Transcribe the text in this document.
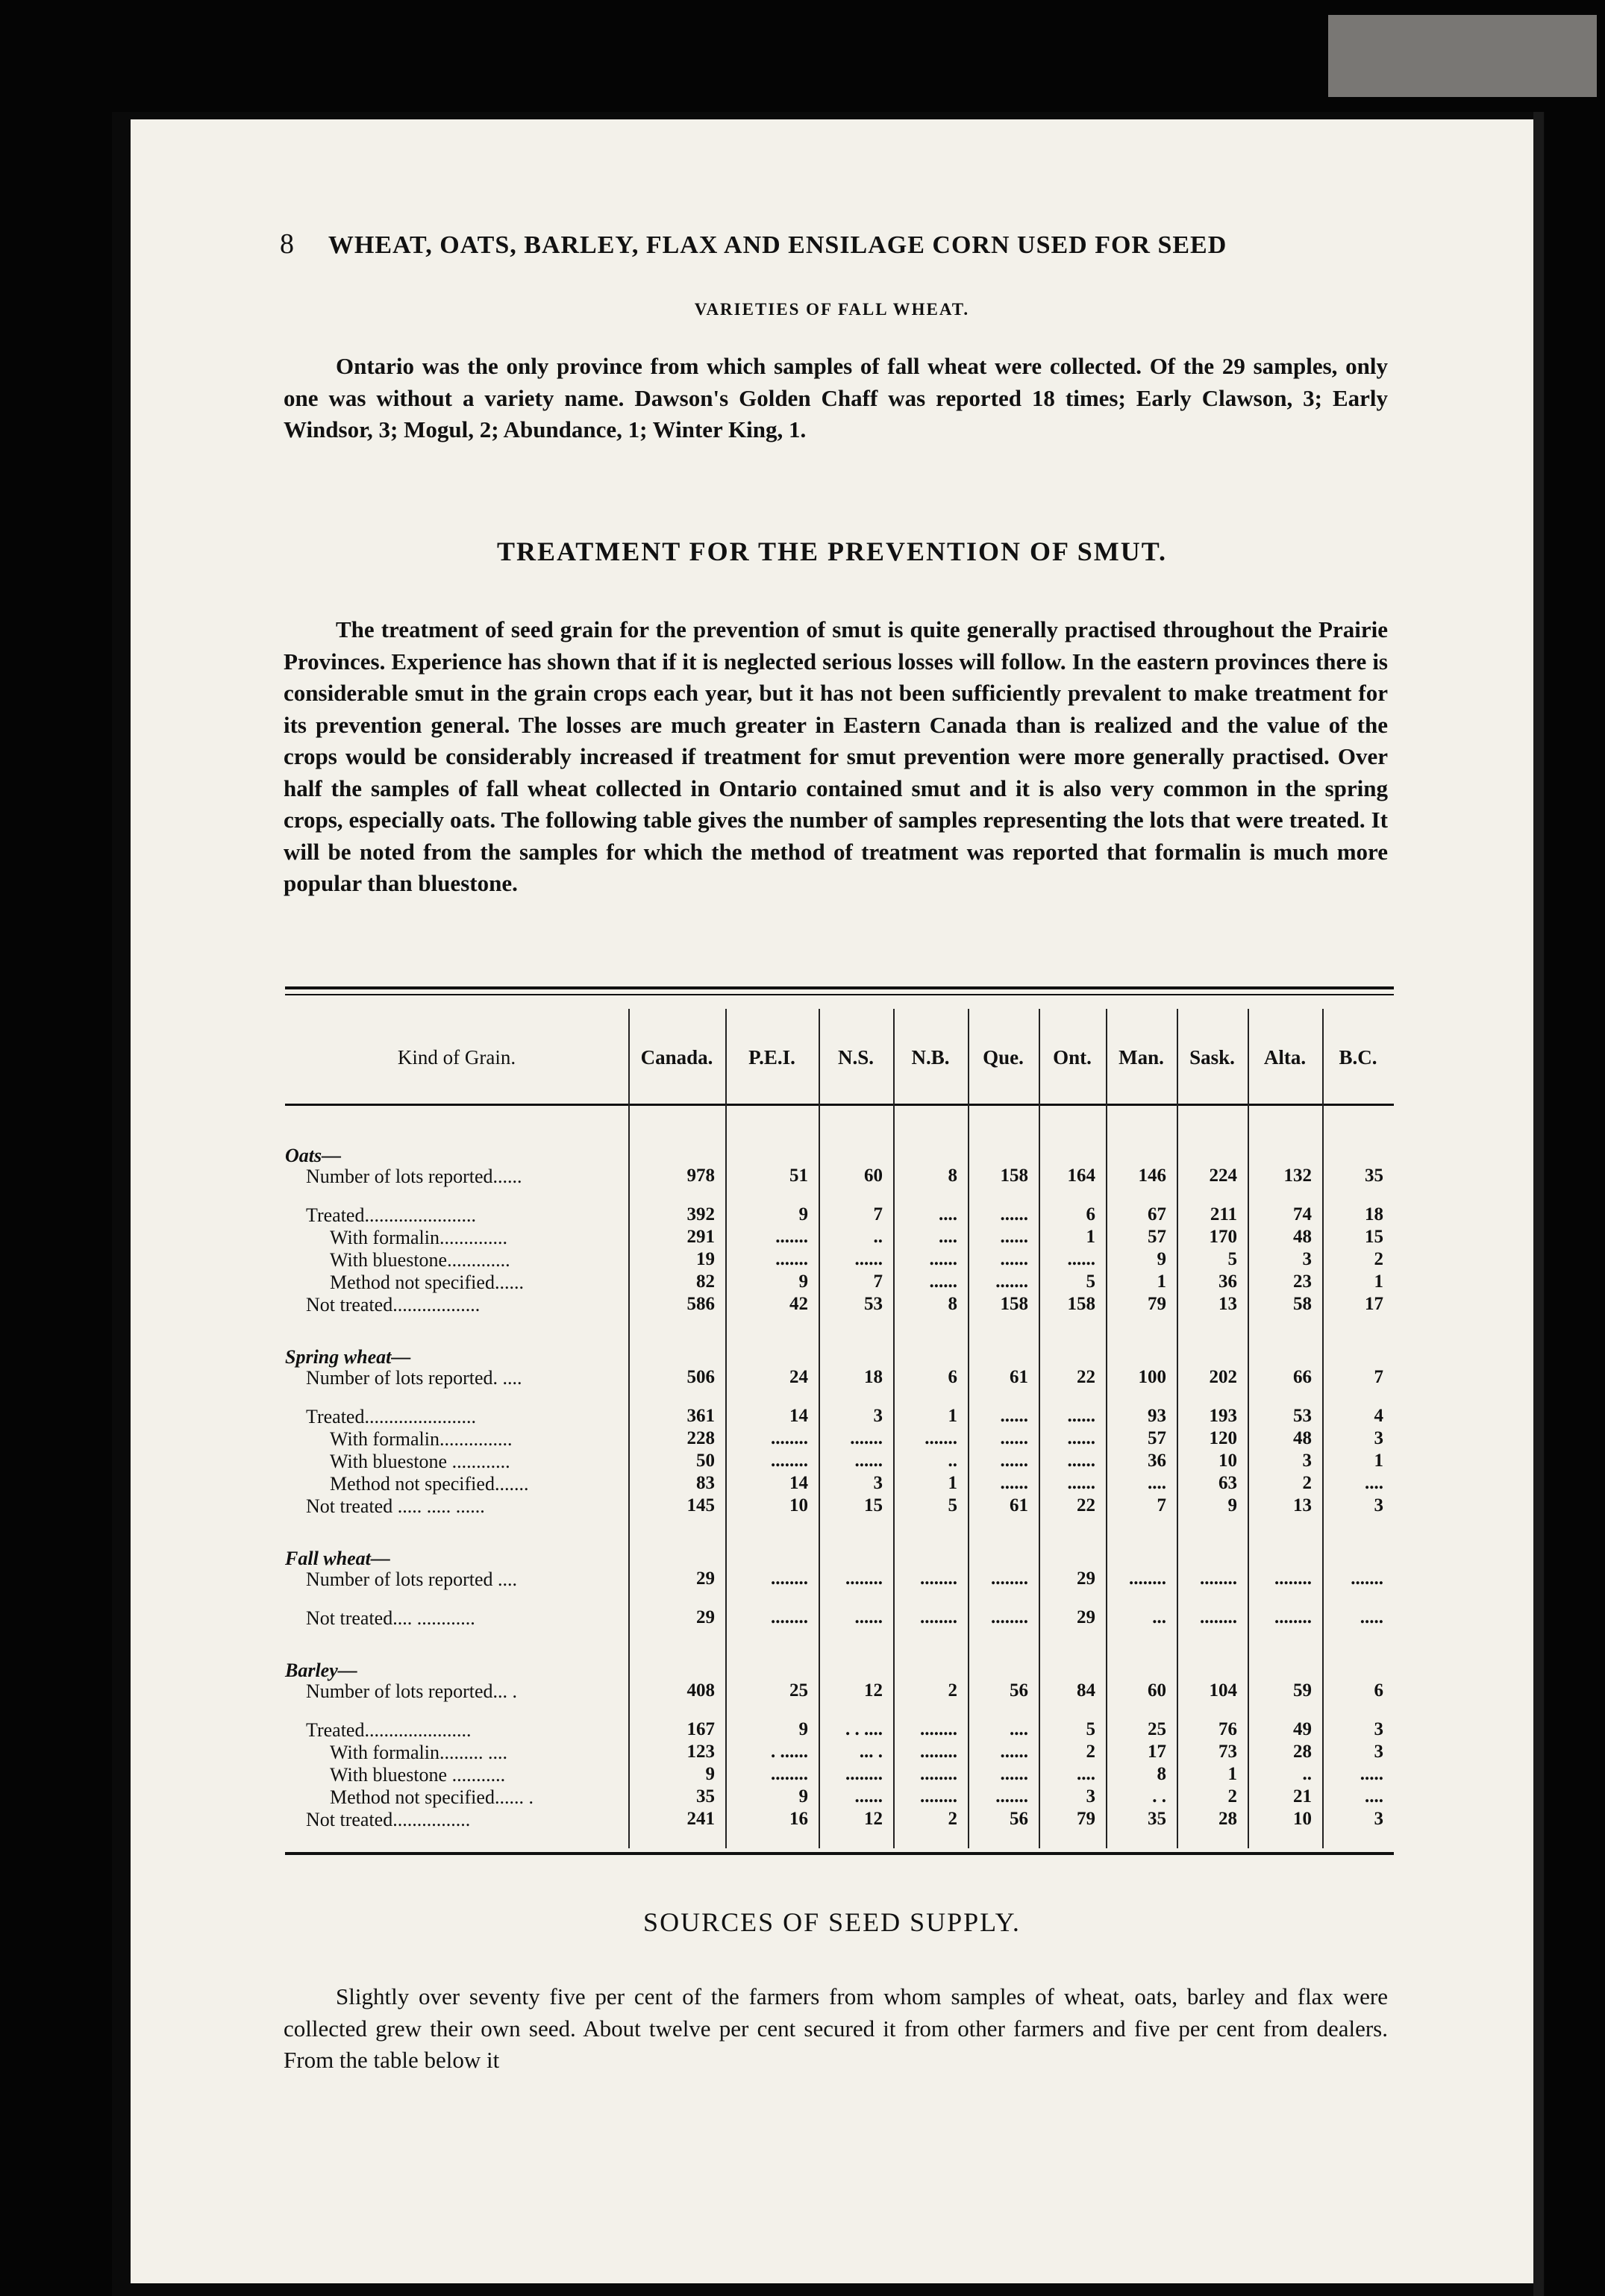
8 WHEAT, OATS, BARLEY, FLAX AND ENSILAGE CORN USED FOR SEED
VARIETIES OF FALL WHEAT.

Ontario was the only province from which samples of fall wheat were collected. Of the 29 samples, only one was without a variety name. Dawson's Golden Chaff was reported 18 times; Early Clawson, 3; Early Windsor, 3; Mogul, 2; Abundance, 1; Winter King, 1.

TREATMENT FOR THE PREVENTION OF SMUT.

The treatment of seed grain for the prevention of smut is quite generally practised throughout the Prairie Provinces. Experience has shown that if it is neglected serious losses will follow. In the eastern provinces there is considerable smut in the grain crops each year, but it has not been sufficiently prevalent to make treatment for its prevention general. The losses are much greater in Eastern Canada than is realized and the value of the crops would be considerably increased if treatment for smut prevention were more generally practised. Over half the samples of fall wheat collected in Ontario contained smut and it is also very common in the spring crops, especially oats. The following table gives the number of samples representing the lots that were treated. It will be noted from the samples for which the method of treatment was reported that formalin is much more popular than bluestone.

Kind of Grain.	Canada.	P.E.I.	N.S.	N.B.	Que.	Ont.	Man.	Sask.	Alta.	B.C.
Oats—
Number of lots reported......	978	51	60	8	158	164	146	224	132	35
Treated.......................	392	9	7	....	......	6	67	211	74	18
With formalin..............	291	.......	..	....	......	1	57	170	48	15
With bluestone.............	19	.......	......	......	......	......	9	5	3	2
Method not specified......	82	9	7	......	.......	5	1	36	23	1
Not treated..................	586	42	53	8	158	158	79	13	58	17
Spring wheat—
Number of lots reported. ....	506	24	18	6	61	22	100	202	66	7
Treated.......................	361	14	3	1	......	......	93	193	53	4
With formalin...............	228	........	.......	.......	......	......	57	120	48	3
With bluestone ............	50	........	......	..	......	......	36	10	3	1
Method not specified.......	83	14	3	1	......	......	....	63	2	....
Not treated ..... ..... ......	145	10	15	5	61	22	7	9	13	3
Fall wheat—
Number of lots reported ....	29	........	........	........	........	29	........	........	........	.......
Not treated.... ............	29	........	......	........	........	29	...	........	........	.....
Barley—
Number of lots reported... .	408	25	12	2	56	84	60	104	59	6
Treated......................	167	9	. . ....	........	....	5	25	76	49	3
With formalin......... ....	123	. ......	... .	........	......	2	17	73	28	3
With bluestone ...........	9	........	........	........	......	....	8	1	..	.....
Method not specified...... .	35	9	......	........	.......	3	. .	2	21	....
Not treated................	241	16	12	2	56	79	35	28	10	3
SOURCES OF SEED SUPPLY.

Slightly over seventy five per cent of the farmers from whom samples of wheat, oats, barley and flax were collected grew their own seed. About twelve per cent secured it from other farmers and five per cent from dealers. From the table below it
